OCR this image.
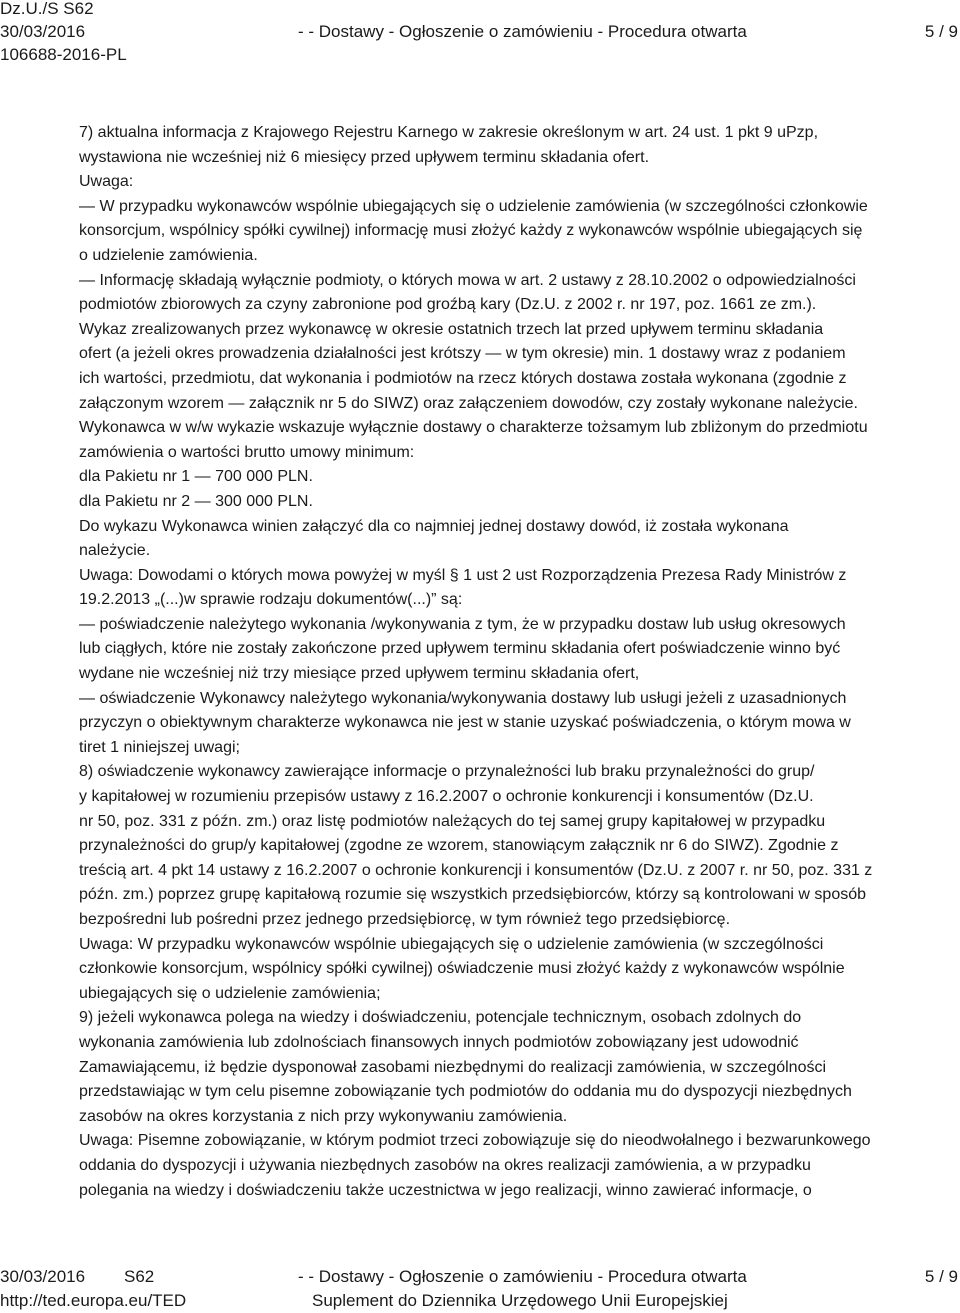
Dz.U./S S62
30/03/2016
106688-2016-PL
- - Dostawy - Ogłoszenie o zamówieniu - Procedura otwarta	5 / 9

7) aktualna informacja z Krajowego Rejestru Karnego w zakresie określonym w art. 24 ust. 1 pkt 9 uPzp,

wystawiona nie wcześniej niż 6 miesięcy przed upływem terminu składania ofert.

Uwaga:

— W przypadku wykonawców wspólnie ubiegających się o udzielenie zamówienia (w szczególności członkowie

konsorcjum, wspólnicy spółki cywilnej) informację musi złożyć każdy z wykonawców wspólnie ubiegających się

o udzielenie zamówienia.

— Informację składają wyłącznie podmioty, o których mowa w art. 2 ustawy z 28.10.2002 o odpowiedzialności

podmiotów zbiorowych za czyny zabronione pod groźbą kary (Dz.U. z 2002 r. nr 197, poz. 1661 ze zm.).

Wykaz zrealizowanych przez wykonawcę w okresie ostatnich trzech lat przed upływem terminu składania

ofert (a jeżeli okres prowadzenia działalności jest krótszy — w tym okresie) min. 1 dostawy wraz z podaniem

ich wartości, przedmiotu, dat wykonania i podmiotów na rzecz których dostawa została wykonana (zgodnie z

załączonym wzorem — załącznik nr 5 do SIWZ) oraz załączeniem dowodów, czy zostały wykonane należycie.

Wykonawca w w/w wykazie wskazuje wyłącznie dostawy o charakterze tożsamym lub zbliżonym do przedmiotu

zamówienia o wartości brutto umowy minimum:

dla Pakietu nr 1 — 700 000 PLN.

dla Pakietu nr 2 — 300 000 PLN.

Do wykazu Wykonawca winien załączyć dla co najmniej jednej dostawy dowód, iż została wykonana

należycie.

Uwaga: Dowodami o których mowa powyżej w myśl § 1 ust 2 ust Rozporządzenia Prezesa Rady Ministrów z

19.2.2013 „(...)w sprawie rodzaju dokumentów(...)” są:

— poświadczenie należytego wykonania /wykonywania z tym, że w przypadku dostaw lub usług okresowych

lub ciągłych, które nie zostały zakończone przed upływem terminu składania ofert poświadczenie winno być

wydane nie wcześniej niż trzy miesiące przed upływem terminu składania ofert,

— oświadczenie Wykonawcy należytego wykonania/wykonywania dostawy lub usługi jeżeli z uzasadnionych

przyczyn o obiektywnym charakterze wykonawca nie jest w stanie uzyskać poświadczenia, o którym mowa w

tiret 1 niniejszej uwagi;

8) oświadczenie wykonawcy zawierające informacje o przynależności lub braku przynależności do grup/

y kapitałowej w rozumieniu przepisów ustawy z 16.2.2007 o ochronie konkurencji i konsumentów (Dz.U.

nr 50, poz. 331 z późn. zm.) oraz listę podmiotów należących do tej samej grupy kapitałowej w przypadku

przynależności do grup/y kapitałowej (zgodne ze wzorem, stanowiącym załącznik nr 6 do SIWZ). Zgodnie z

treścią art. 4 pkt 14 ustawy z 16.2.2007 o ochronie konkurencji i konsumentów (Dz.U. z 2007 r. nr 50, poz. 331 z

późn. zm.) poprzez grupę kapitałową rozumie się wszystkich przedsiębiorców, którzy są kontrolowani w sposób

bezpośredni lub pośredni przez jednego przedsiębiorcę, w tym również tego przedsiębiorcę.

Uwaga: W przypadku wykonawców wspólnie ubiegających się o udzielenie zamówienia (w szczególności

członkowie konsorcjum, wspólnicy spółki cywilnej) oświadczenie musi złożyć każdy z wykonawców wspólnie

ubiegających się o udzielenie zamówienia;

9) jeżeli wykonawca polega na wiedzy i doświadczeniu, potencjale technicznym, osobach zdolnych do

wykonania zamówienia lub zdolnościach finansowych innych podmiotów zobowiązany jest udowodnić

Zamawiającemu, iż będzie dysponował zasobami niezbędnymi do realizacji zamówienia, w szczególności

przedstawiając w tym celu pisemne zobowiązanie tych podmiotów do oddania mu do dyspozycji niezbędnych

zasobów na okres korzystania z nich przy wykonywaniu zamówienia.

Uwaga: Pisemne zobowiązanie, w którym podmiot trzeci zobowiązuje się do nieodwołalnego i bezwarunkowego

oddania do dyspozycji i używania niezbędnych zasobów na okres realizacji zamówienia, a w przypadku

polegania na wiedzy i doświadczeniu także uczestnictwa w jego realizacji, winno zawierać informacje, o

30/03/2016 S62	- - Dostawy - Ogłoszenie o zamówieniu - Procedura otwarta	5 / 9
http://ted.europa.eu/TED	Suplement do Dziennika Urzędowego Unii Europejskiej
